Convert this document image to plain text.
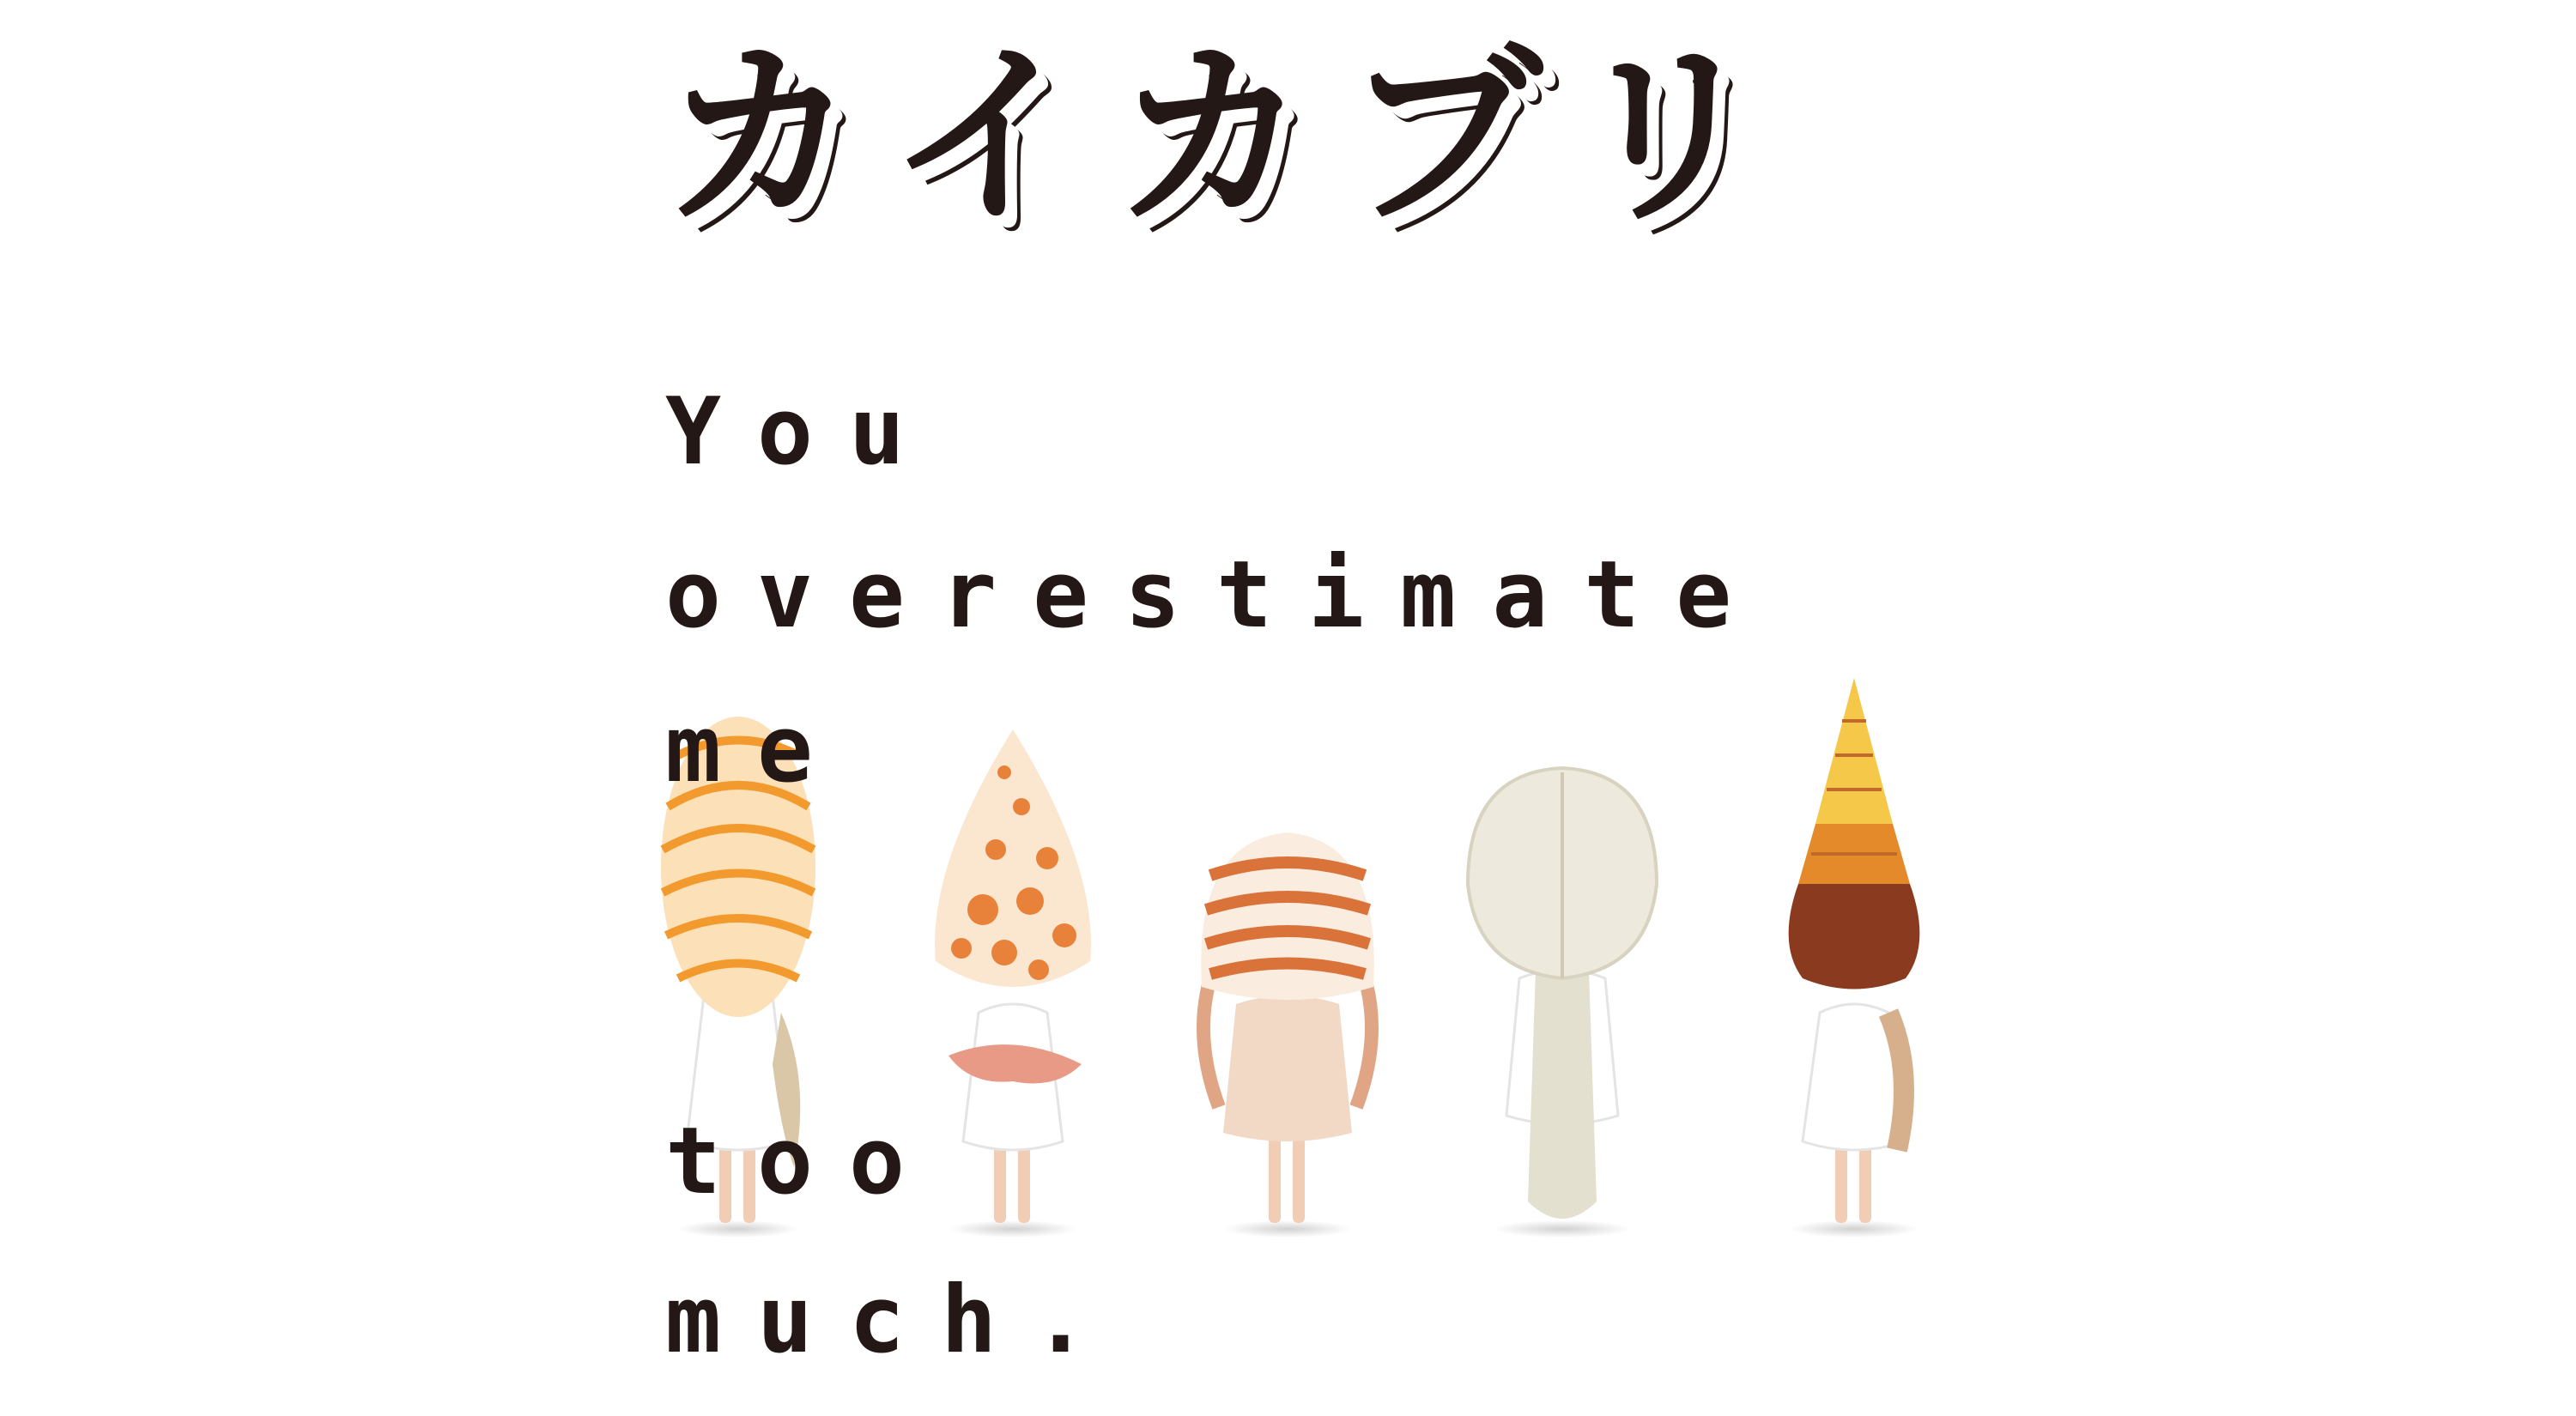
カイカブリ
You
overestimate
me
too
much.
